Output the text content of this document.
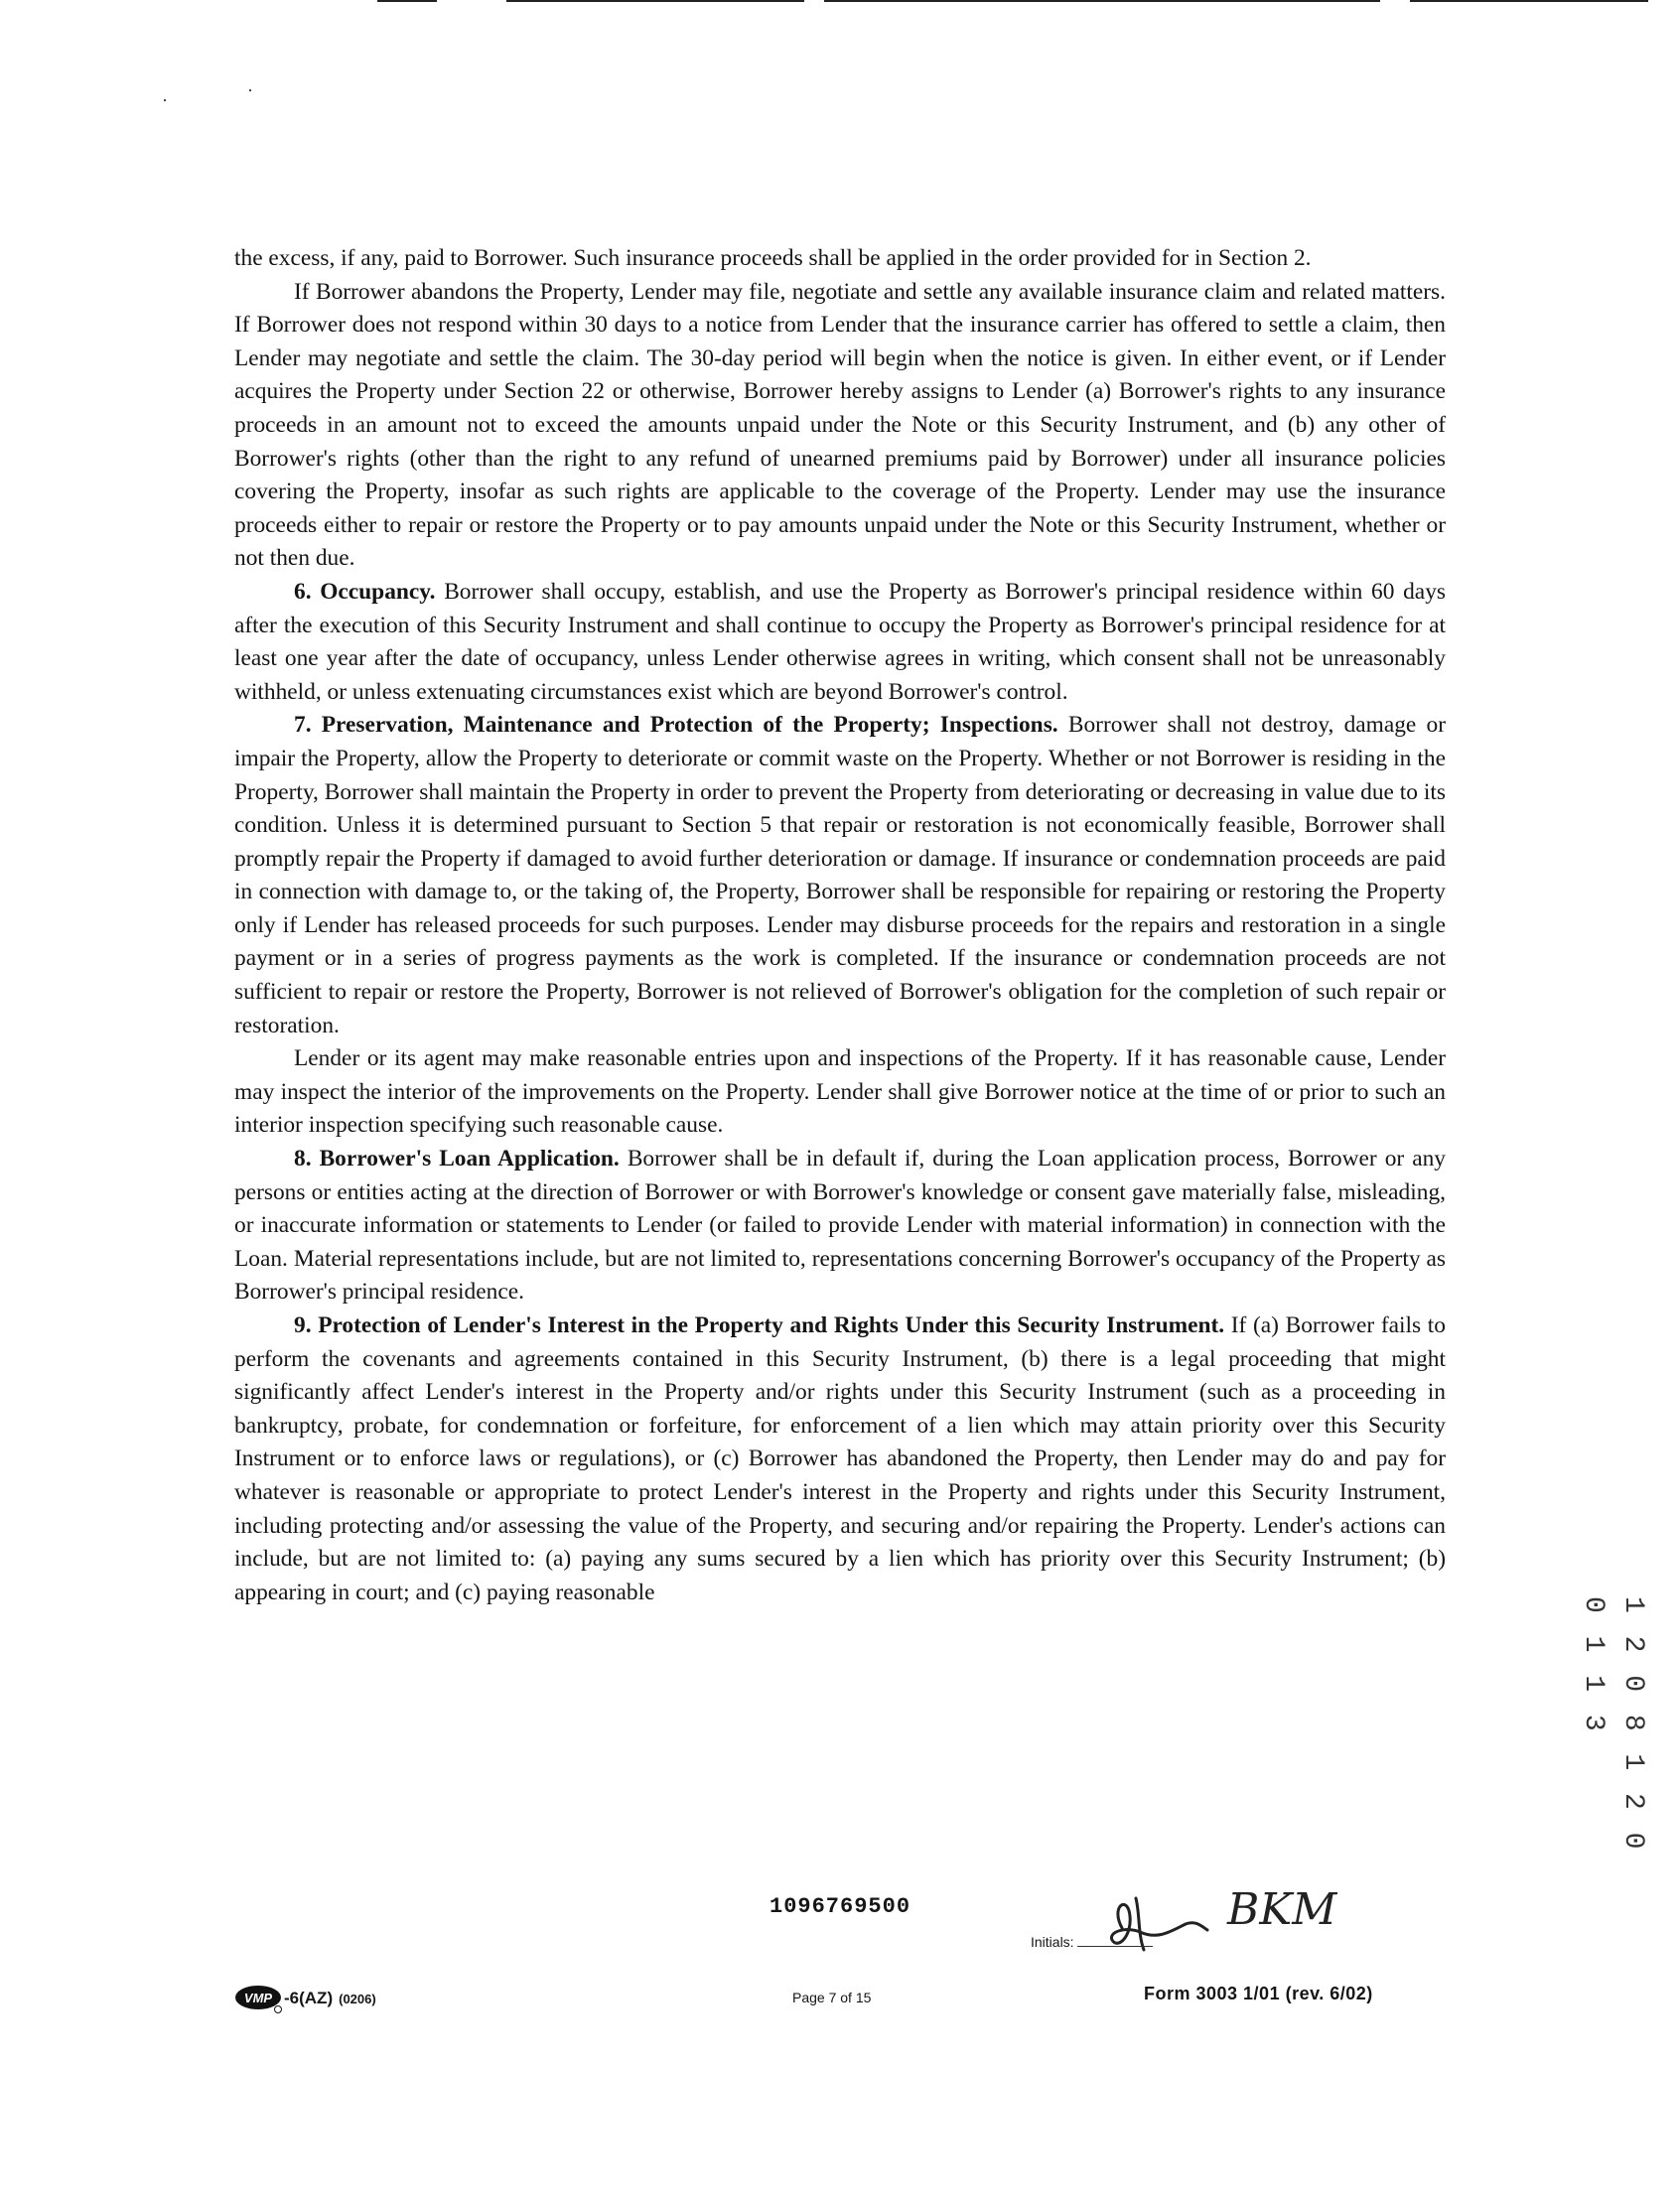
the excess, if any, paid to Borrower. Such insurance proceeds shall be applied in the order provided for in Section 2.

If Borrower abandons the Property, Lender may file, negotiate and settle any available insurance claim and related matters. If Borrower does not respond within 30 days to a notice from Lender that the insurance carrier has offered to settle a claim, then Lender may negotiate and settle the claim. The 30-day period will begin when the notice is given. In either event, or if Lender acquires the Property under Section 22 or otherwise, Borrower hereby assigns to Lender (a) Borrower's rights to any insurance proceeds in an amount not to exceed the amounts unpaid under the Note or this Security Instrument, and (b) any other of Borrower's rights (other than the right to any refund of unearned premiums paid by Borrower) under all insurance policies covering the Property, insofar as such rights are applicable to the coverage of the Property. Lender may use the insurance proceeds either to repair or restore the Property or to pay amounts unpaid under the Note or this Security Instrument, whether or not then due.

6. Occupancy. Borrower shall occupy, establish, and use the Property as Borrower's principal residence within 60 days after the execution of this Security Instrument and shall continue to occupy the Property as Borrower's principal residence for at least one year after the date of occupancy, unless Lender otherwise agrees in writing, which consent shall not be unreasonably withheld, or unless extenuating circumstances exist which are beyond Borrower's control.

7. Preservation, Maintenance and Protection of the Property; Inspections. Borrower shall not destroy, damage or impair the Property, allow the Property to deteriorate or commit waste on the Property. Whether or not Borrower is residing in the Property, Borrower shall maintain the Property in order to prevent the Property from deteriorating or decreasing in value due to its condition. Unless it is determined pursuant to Section 5 that repair or restoration is not economically feasible, Borrower shall promptly repair the Property if damaged to avoid further deterioration or damage. If insurance or condemnation proceeds are paid in connection with damage to, or the taking of, the Property, Borrower shall be responsible for repairing or restoring the Property only if Lender has released proceeds for such purposes. Lender may disburse proceeds for the repairs and restoration in a single payment or in a series of progress payments as the work is completed. If the insurance or condemnation proceeds are not sufficient to repair or restore the Property, Borrower is not relieved of Borrower's obligation for the completion of such repair or restoration.

Lender or its agent may make reasonable entries upon and inspections of the Property. If it has reasonable cause, Lender may inspect the interior of the improvements on the Property. Lender shall give Borrower notice at the time of or prior to such an interior inspection specifying such reasonable cause.

8. Borrower's Loan Application. Borrower shall be in default if, during the Loan application process, Borrower or any persons or entities acting at the direction of Borrower or with Borrower's knowledge or consent gave materially false, misleading, or inaccurate information or statements to Lender (or failed to provide Lender with material information) in connection with the Loan. Material representations include, but are not limited to, representations concerning Borrower's occupancy of the Property as Borrower's principal residence.

9. Protection of Lender's Interest in the Property and Rights Under this Security Instrument. If (a) Borrower fails to perform the covenants and agreements contained in this Security Instrument, (b) there is a legal proceeding that might significantly affect Lender's interest in the Property and/or rights under this Security Instrument (such as a proceeding in bankruptcy, probate, for condemnation or forfeiture, for enforcement of a lien which may attain priority over this Security Instrument or to enforce laws or regulations), or (c) Borrower has abandoned the Property, then Lender may do and pay for whatever is reasonable or appropriate to protect Lender's interest in the Property and rights under this Security Instrument, including protecting and/or assessing the value of the Property, and securing and/or repairing the Property. Lender's actions can include, but are not limited to: (a) paying any sums secured by a lien which has priority over this Security Instrument; (b) appearing in court; and (c) paying reasonable

1 2 0 8 1 2 0 0 1 1 3
1096769500	BKM
Initials:
VMP -6(AZ) (0206)	Page 7 of 15	Form 3003 1/01 (rev. 6/02)
